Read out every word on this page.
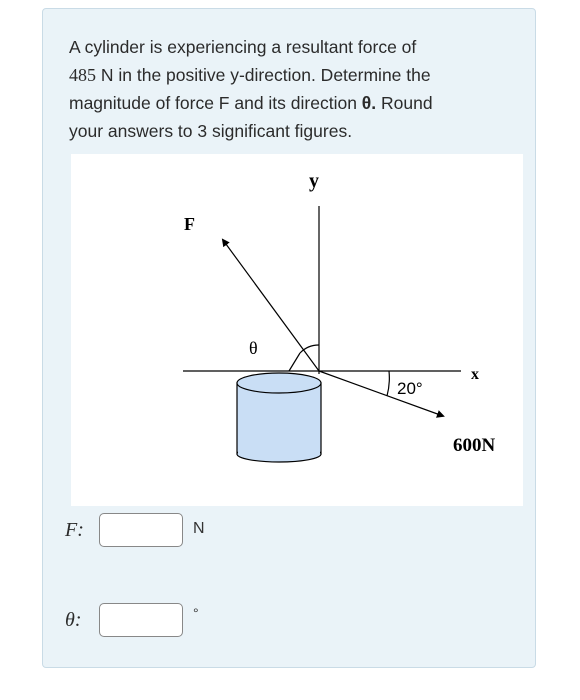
A cylinder is experiencing a resultant force of
485 N in the positive y-direction. Determine the
magnitude of force F and its direction θ. Round
your answers to 3 significant figures.

y
F
θ
20°
x
600N
F:	N
θ:	°
